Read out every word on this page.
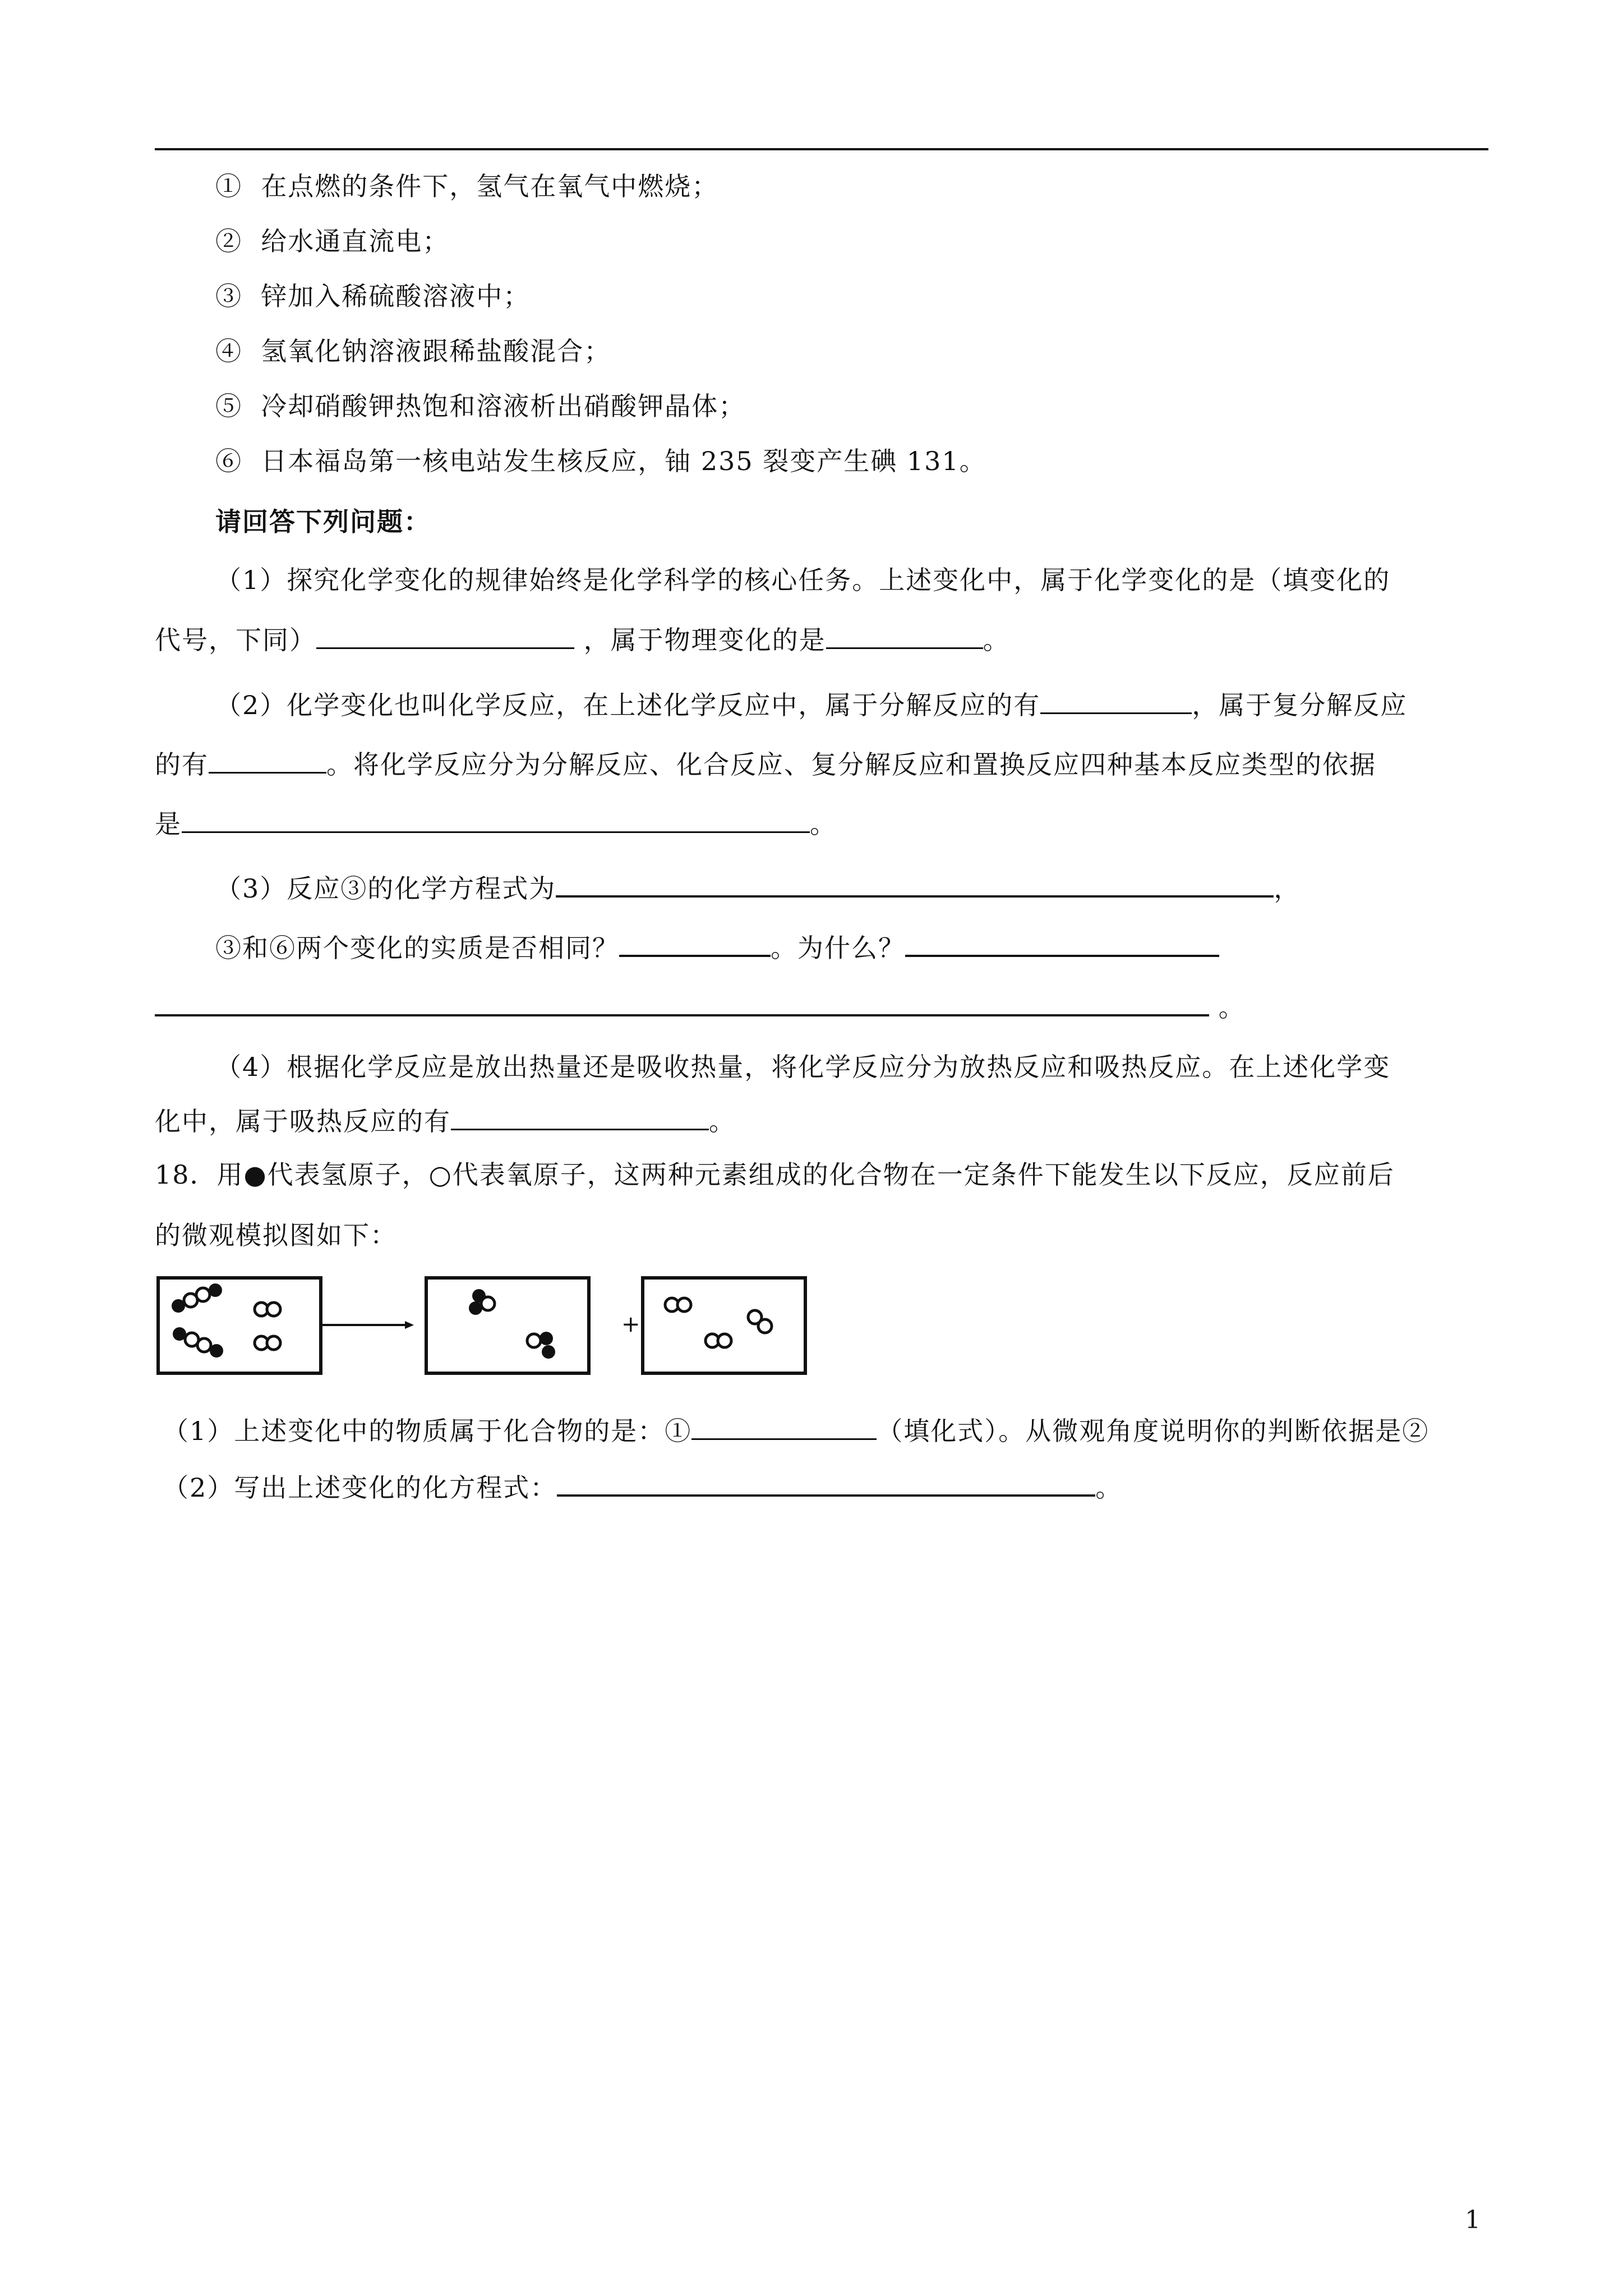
① 在点燃的条件下，氢气在氧气中燃烧；
② 给水通直流电；
③ 锌加入稀硫酸溶液中；
④ 氢氧化钠溶液跟稀盐酸混合；
⑤ 冷却硝酸钾热饱和溶液析出硝酸钾晶体；
⑥ 日本福岛第一核电站发生核反应，铀 235 裂变产生碘 131。
请回答下列问题：
（1）探究化学变化的规律始终是化学科学的核心任务。上述变化中，属于化学变化的是（填变化的
代号，下同）	，属于物理变化的是	。
（2）化学变化也叫化学反应，在上述化学反应中，属于分解反应的有	，属于复分解反应
的有	。将化学反应分为分解反应、化合反应、复分解反应和置换反应四种基本反应类型的依据
是	。
（3）反应③的化学方程式为	，
③和⑥两个变化的实质是否相同？	。为什么？
。
（4）根据化学反应是放出热量还是吸收热量，将化学反应分为放热反应和吸热反应。在上述化学变
化中，属于吸热反应的有	。
18．用●代表氢原子，○代表氧原子，这两种元素组成的化合物在一定条件下能发生以下反应，反应前后
的微观模拟图如下：
+
（1）上述变化中的物质属于化合物的是：①	（填化式）。从微观角度说明你的判断依据是②
（2）写出上述变化的化方程式：	。
1
